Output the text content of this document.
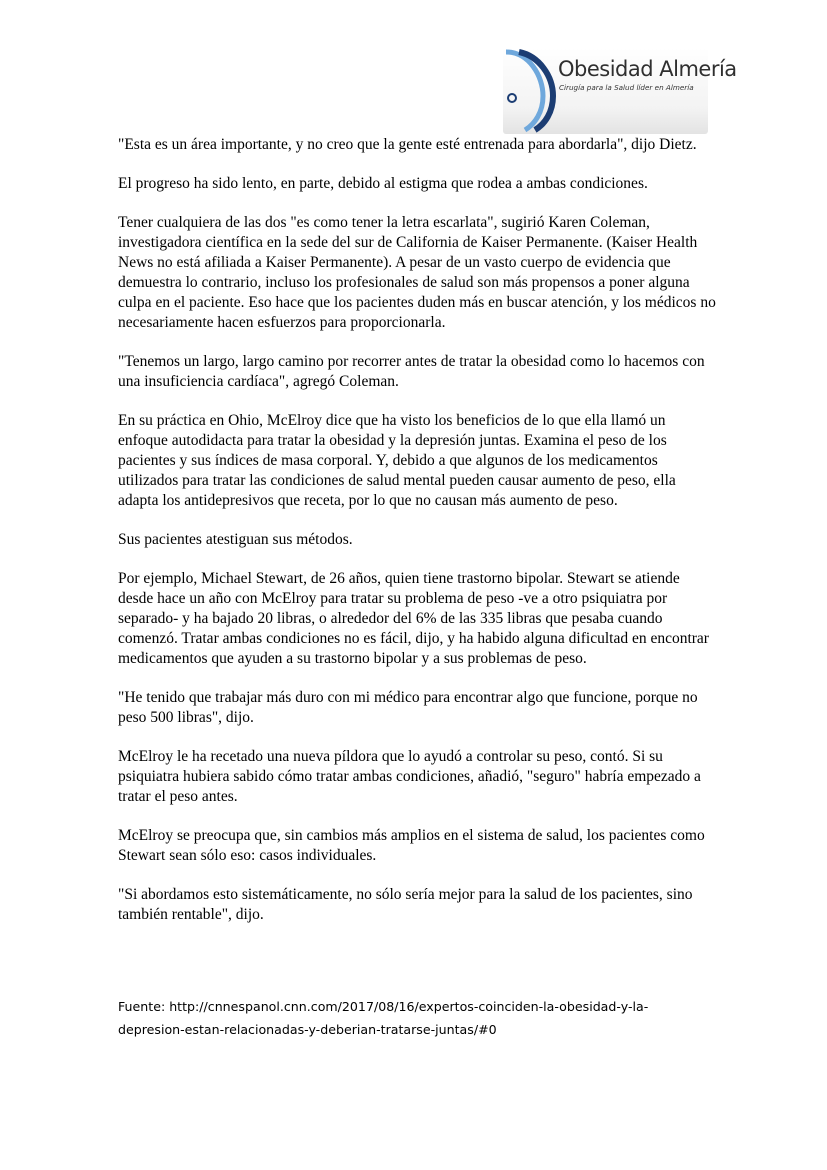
Obesidad Almería
Cirugía para la Salud líder en Almería

"Esta es un área importante, y no creo que la gente esté entrenada para abordarla", dijo Dietz.

El progreso ha sido lento, en parte, debido al estigma que rodea a ambas condiciones.

Tener cualquiera de las dos "es como tener la letra escarlata", sugirió Karen Coleman, investigadora científica en la sede del sur de California de Kaiser Permanente. (Kaiser Health News no está afiliada a Kaiser Permanente). A pesar de un vasto cuerpo de evidencia que demuestra lo contrario, incluso los profesionales de salud son más propensos a poner alguna culpa en el paciente. Eso hace que los pacientes duden más en buscar atención, y los médicos no necesariamente hacen esfuerzos para proporcionarla.

"Tenemos un largo, largo camino por recorrer antes de tratar la obesidad como lo hacemos con una insuficiencia cardíaca", agregó Coleman.

En su práctica en Ohio, McElroy dice que ha visto los beneficios de lo que ella llamó un enfoque autodidacta para tratar la obesidad y la depresión juntas. Examina el peso de los pacientes y sus índices de masa corporal. Y, debido a que algunos de los medicamentos utilizados para tratar las condiciones de salud mental pueden causar aumento de peso, ella adapta los antidepresivos que receta, por lo que no causan más aumento de peso.

Sus pacientes atestiguan sus métodos.

Por ejemplo, Michael Stewart, de 26 años, quien tiene trastorno bipolar. Stewart se atiende desde hace un año con McElroy para tratar su problema de peso -ve a otro psiquiatra por separado- y ha bajado 20 libras, o alrededor del 6% de las 335 libras que pesaba cuando comenzó. Tratar ambas condiciones no es fácil, dijo, y ha habido alguna dificultad en encontrar medicamentos que ayuden a su trastorno bipolar y a sus problemas de peso.

"He tenido que trabajar más duro con mi médico para encontrar algo que funcione, porque no peso 500 libras", dijo.

McElroy le ha recetado una nueva píldora que lo ayudó a controlar su peso, contó. Si su psiquiatra hubiera sabido cómo tratar ambas condiciones, añadió, "seguro" habría empezado a tratar el peso antes.

McElroy se preocupa que, sin cambios más amplios en el sistema de salud, los pacientes como Stewart sean sólo eso: casos individuales.

"Si abordamos esto sistemáticamente, no sólo sería mejor para la salud de los pacientes, sino también rentable", dijo.

Fuente: http://cnnespanol.cnn.com/2017/08/16/expertos-coinciden-la-obesidad-y-la-
depresion-estan-relacionadas-y-deberian-tratarse-juntas/#0
